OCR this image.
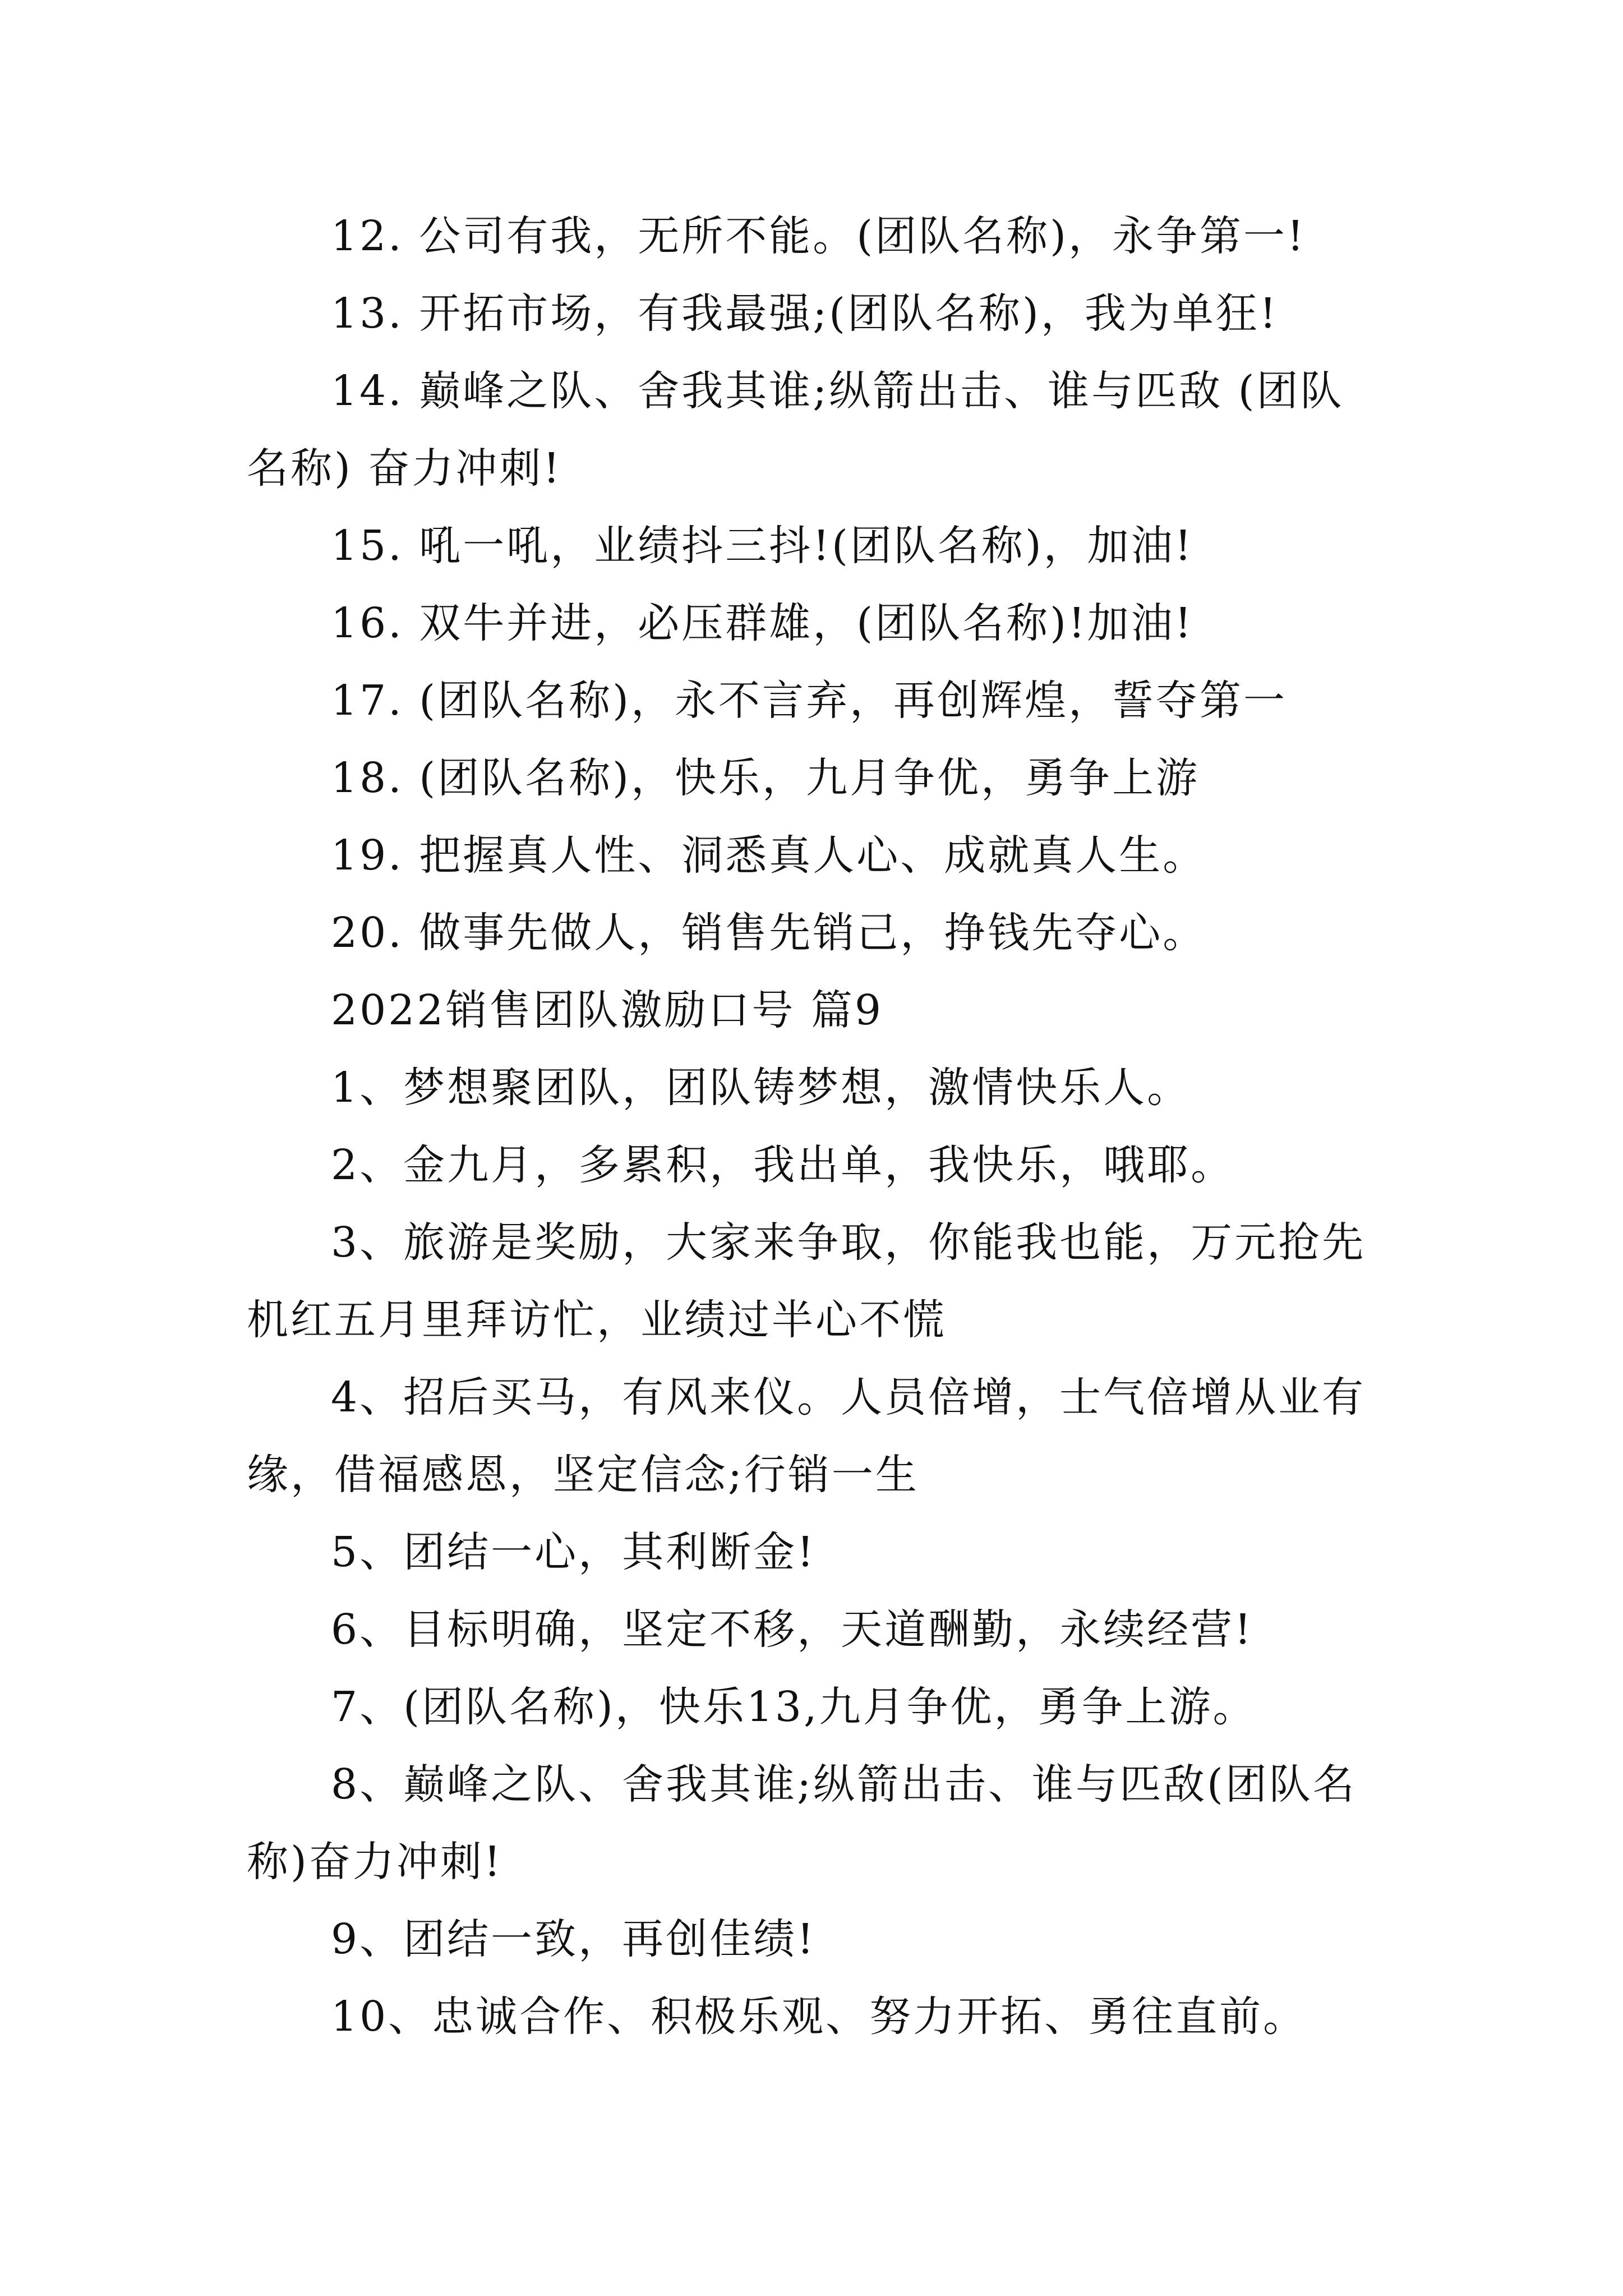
12. 公司有我，无所不能。(团队名称)，永争第一!

13. 开拓市场，有我最强;(团队名称)，我为单狂!

14. 巅峰之队、舍我其谁;纵箭出击、谁与匹敌 (团队名称) 奋力冲刺!

15. 吼一吼，业绩抖三抖!(团队名称)，加油!

16. 双牛并进，必压群雄，(团队名称)!加油!

17. (团队名称)，永不言弃，再创辉煌，誓夺第一

18. (团队名称)，快乐，九月争优，勇争上游

19. 把握真人性、洞悉真人心、成就真人生。

20. 做事先做人，销售先销己，挣钱先夺心。

2022销售团队激励口号 篇9

1、梦想聚团队，团队铸梦想，激情快乐人。

2、金九月，多累积，我出单，我快乐，哦耶。

3、旅游是奖励，大家来争取，你能我也能，万元抢先机红五月里拜访忙，业绩过半心不慌

4、招后买马，有风来仪。人员倍增，士气倍增从业有缘，借福感恩，坚定信念;行销一生

5、团结一心，其利断金!

6、目标明确，坚定不移，天道酬勤，永续经营!

7、(团队名称)，快乐13,九月争优，勇争上游。

8、巅峰之队、舍我其谁;纵箭出击、谁与匹敌(团队名称)奋力冲刺!

9、团结一致，再创佳绩!

10、忠诚合作、积极乐观、努力开拓、勇往直前。
